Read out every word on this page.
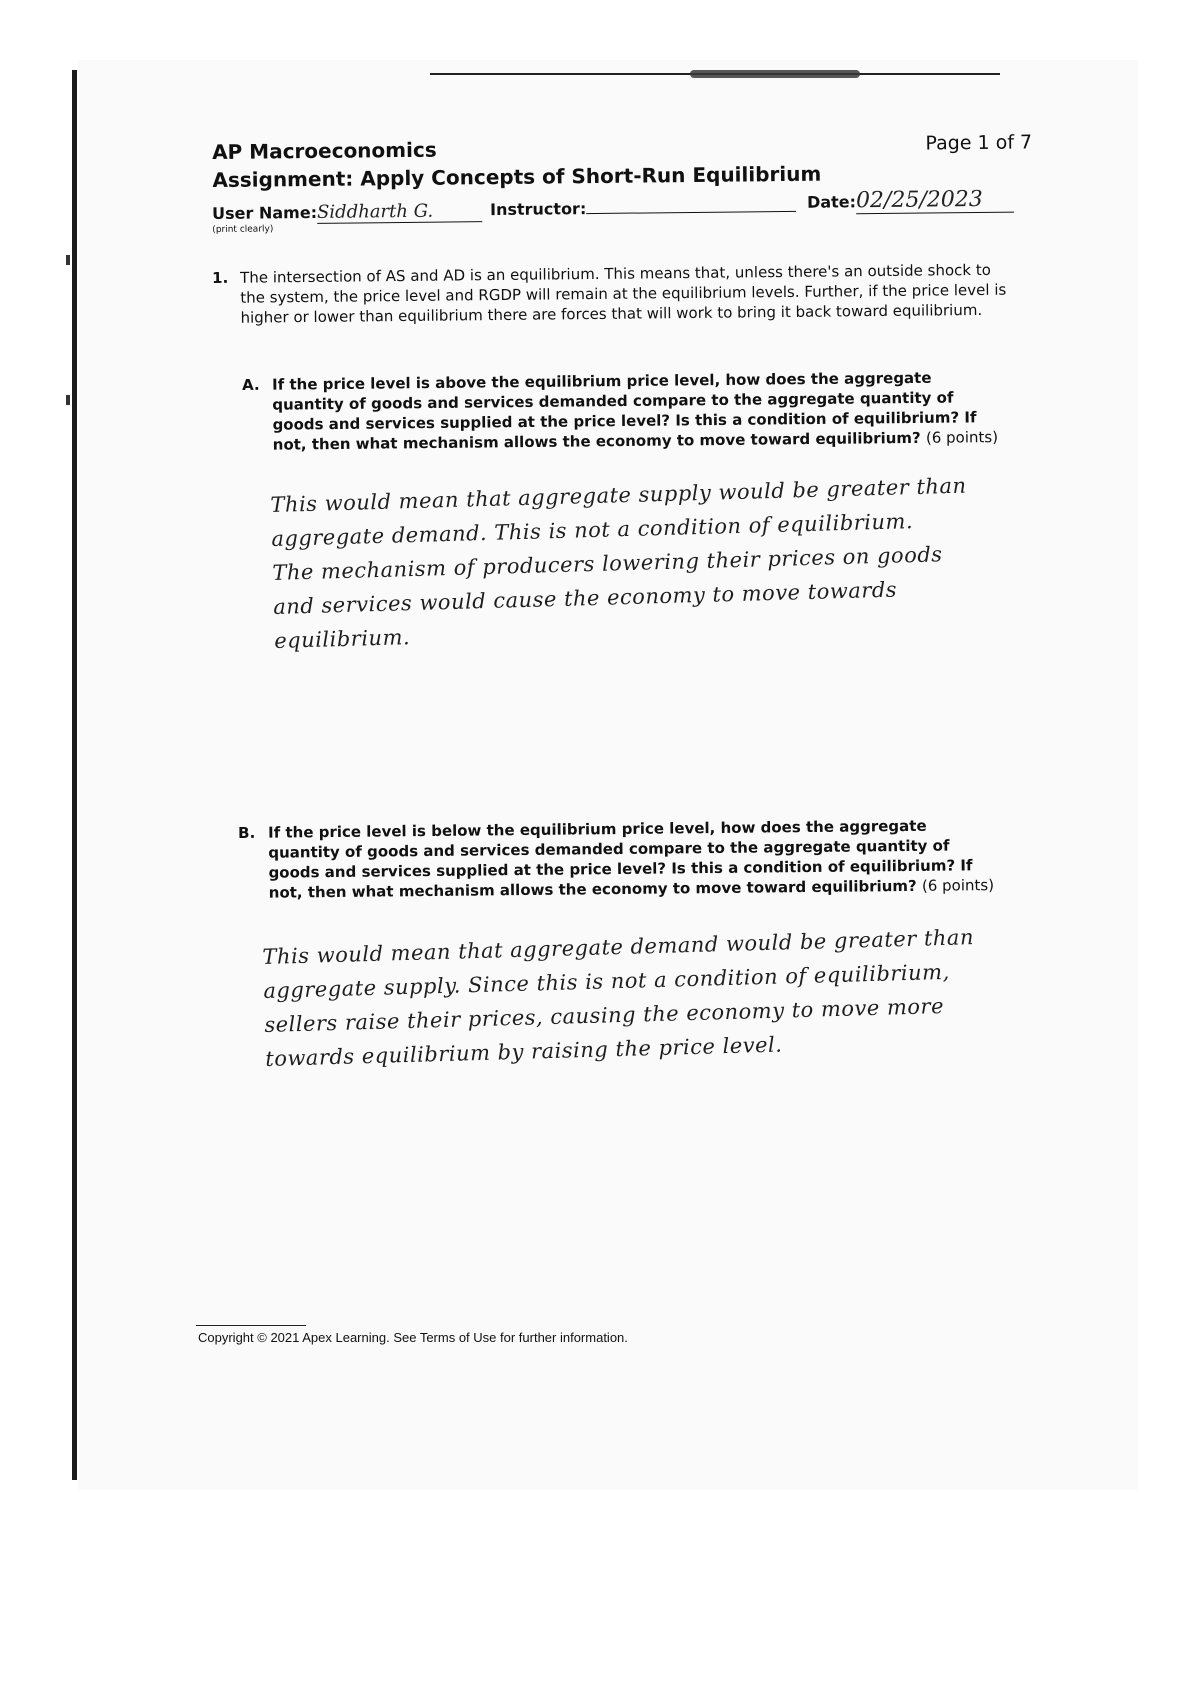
AP Macroeconomics

Assignment: Apply Concepts of Short-Run Equilibrium

Page 1 of 7
User Name:Siddharth G.
(print clearly)
Instructor:	Date:02/25/2023
1. The intersection of AS and AD is an equilibrium. This means that, unless there's an outside shock to the system, the price level and RGDP will remain at the equilibrium levels. Further, if the price level is higher or lower than equilibrium there are forces that will work to bring it back toward equilibrium.
A. If the price level is above the equilibrium price level, how does the aggregate quantity of goods and services demanded compare to the aggregate quantity of goods and services supplied at the price level? Is this a condition of equilibrium? If not, then what mechanism allows the economy to move toward equilibrium? (6 points)

This would mean that aggregate supply would be greater than

aggregate demand. This is not a condition of equilibrium.

The mechanism of producers lowering their prices on goods

and services would cause the economy to move towards

equilibrium.

B. If the price level is below the equilibrium price level, how does the aggregate quantity of goods and services demanded compare to the aggregate quantity of goods and services supplied at the price level? Is this a condition of equilibrium? If not, then what mechanism allows the economy to move toward equilibrium? (6 points)

This would mean that aggregate demand would be greater than

aggregate supply. Since this is not a condition of equilibrium,

sellers raise their prices, causing the economy to move more

towards equilibrium by raising the price level.

Copyright © 2021 Apex Learning. See Terms of Use for further information.
